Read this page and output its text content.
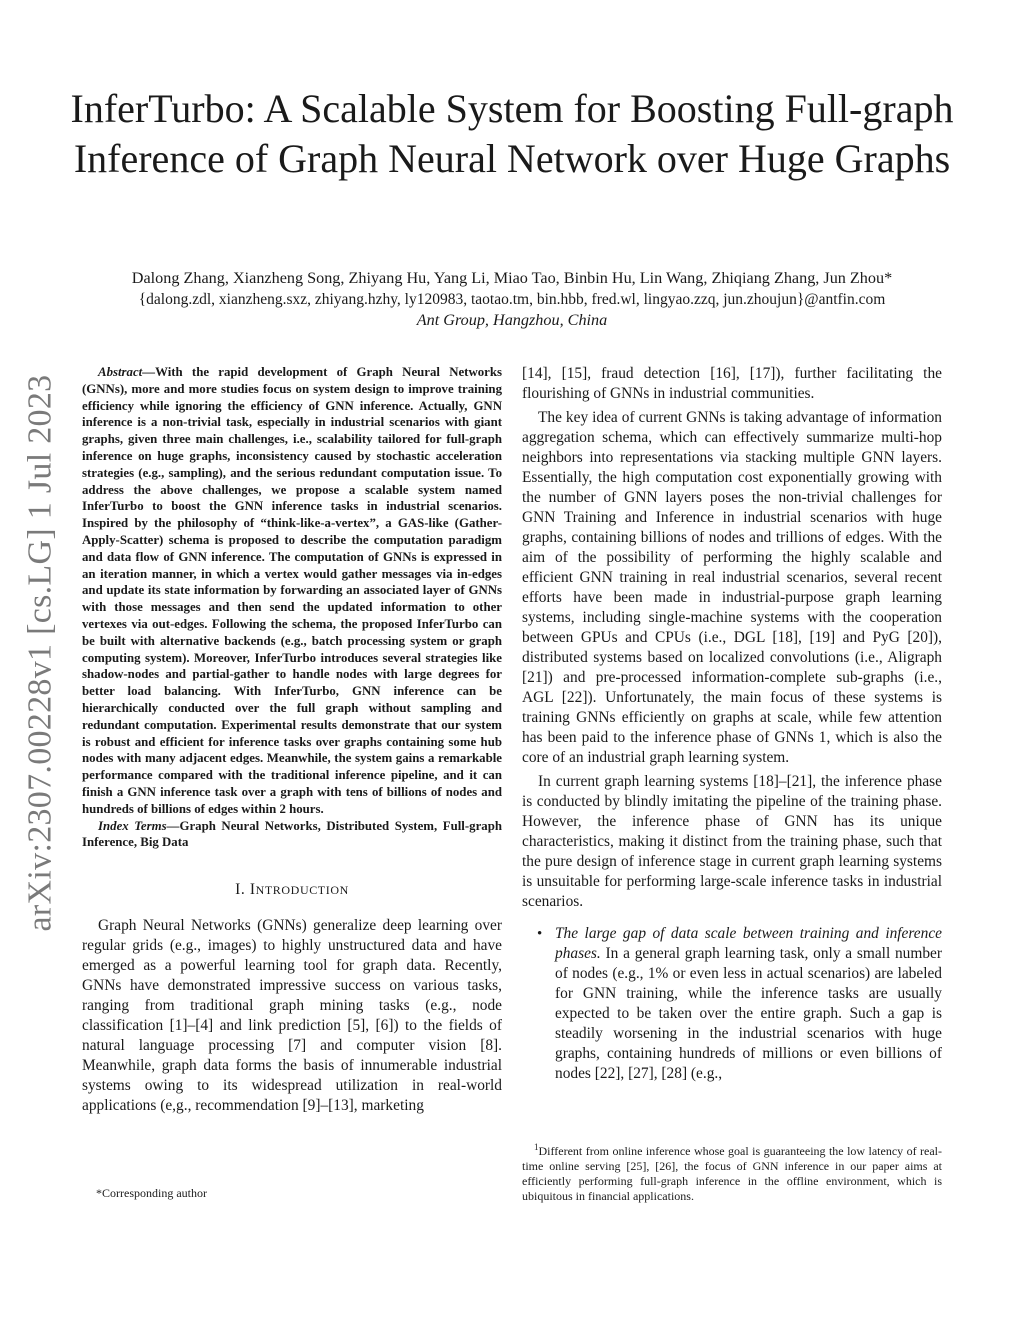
arXiv:2307.00228v1 [cs.LG] 1 Jul 2023
InferTurbo: A Scalable System for Boosting Full-graph Inference of Graph Neural Network over Huge Graphs
Dalong Zhang, Xianzheng Song, Zhiyang Hu, Yang Li, Miao Tao, Binbin Hu, Lin Wang, Zhiqiang Zhang, Jun Zhou*
{dalong.zdl, xianzheng.sxz, zhiyang.hzhy, ly120983, taotao.tm, bin.hbb, fred.wl, lingyao.zzq, jun.zhoujun}@antfin.com
Ant Group, Hangzhou, China

Abstract—With the rapid development of Graph Neural Networks (GNNs), more and more studies focus on system design to improve training efficiency while ignoring the efficiency of GNN inference. Actually, GNN inference is a non-trivial task, especially in industrial scenarios with giant graphs, given three main challenges, i.e., scalability tailored for full-graph inference on huge graphs, inconsistency caused by stochastic acceleration strategies (e.g., sampling), and the serious redundant computation issue. To address the above challenges, we propose a scalable system named InferTurbo to boost the GNN inference tasks in industrial scenarios. Inspired by the philosophy of “think-like-a-vertex”, a GAS-like (Gather-Apply-Scatter) schema is proposed to describe the computation paradigm and data flow of GNN inference. The computation of GNNs is expressed in an iteration manner, in which a vertex would gather messages via in-edges and update its state information by forwarding an associated layer of GNNs with those messages and then send the updated information to other vertexes via out-edges. Following the schema, the proposed InferTurbo can be built with alternative backends (e.g., batch processing system or graph computing system). Moreover, InferTurbo introduces several strategies like shadow-nodes and partial-gather to handle nodes with large degrees for better load balancing. With InferTurbo, GNN inference can be hierarchically conducted over the full graph without sampling and redundant computation. Experimental results demonstrate that our system is robust and efficient for inference tasks over graphs containing some hub nodes with many adjacent edges. Meanwhile, the system gains a remarkable performance compared with the traditional inference pipeline, and it can finish a GNN inference task over a graph with tens of billions of nodes and hundreds of billions of edges within 2 hours.

Index Terms—Graph Neural Networks, Distributed System, Full-graph Inference, Big Data

I. INTRODUCTION

Graph Neural Networks (GNNs) generalize deep learning over regular grids (e.g., images) to highly unstructured data and have emerged as a powerful learning tool for graph data. Recently, GNNs have demonstrated impressive success on various tasks, ranging from traditional graph mining tasks (e.g., node classification [1]–[4] and link prediction [5], [6]) to the fields of natural language processing [7] and computer vision [8]. Meanwhile, graph data forms the basis of innumerable industrial systems owing to its widespread utilization in real-world applications (e,g., recommendation [9]–[13], marketing

[14], [15], fraud detection [16], [17]), further facilitating the flourishing of GNNs in industrial communities.

The key idea of current GNNs is taking advantage of information aggregation schema, which can effectively summarize multi-hop neighbors into representations via stacking multiple GNN layers. Essentially, the high computation cost exponentially growing with the number of GNN layers poses the non-trivial challenges for GNN Training and Inference in industrial scenarios with huge graphs, containing billions of nodes and trillions of edges. With the aim of the possibility of performing the highly scalable and efficient GNN training in real industrial scenarios, several recent efforts have been made in industrial-purpose graph learning systems, including single-machine systems with the cooperation between GPUs and CPUs (i.e., DGL [18], [19] and PyG [20]), distributed systems based on localized convolutions (i.e., Aligraph [21]) and pre-processed information-complete sub-graphs (i.e., AGL [22]). Unfortunately, the main focus of these systems is training GNNs efficiently on graphs at scale, while few attention has been paid to the inference phase of GNNs 1, which is also the core of an industrial graph learning system.

In current graph learning systems [18]–[21], the inference phase is conducted by blindly imitating the pipeline of the training phase. However, the inference phase of GNN has its unique characteristics, making it distinct from the training phase, such that the pure design of inference stage in current graph learning systems is unsuitable for performing large-scale inference tasks in industrial scenarios.

• The large gap of data scale between training and inference phases. In a general graph learning task, only a small number of nodes (e.g., 1% or even less in actual scenarios) are labeled for GNN training, while the inference tasks are usually expected to be taken over the entire graph. Such a gap is steadily worsening in the industrial scenarios with huge graphs, containing hundreds of millions or even billions of nodes [22], [27], [28] (e.g.,
$^1$Different from online inference whose goal is guaranteeing the low latency of real-time online serving [25], [26], the focus of GNN inference in our paper aims at efficiently performing full-graph inference in the offline environment, which is ubiquitous in financial applications.
*Corresponding author
